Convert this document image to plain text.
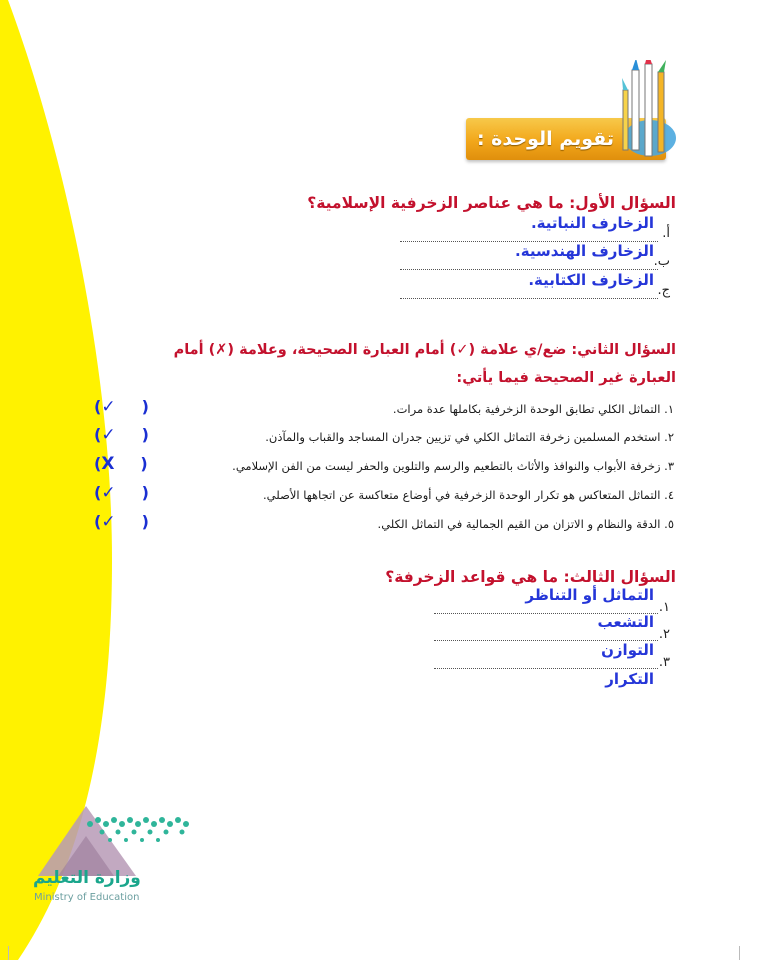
تقويم الوحدة :
السؤال الأول: ما هي عناصر الزخرفية الإسلامية؟
أ.
الزخارف النباتية.
ب.
الزخارف الهندسية.
ج.
الزخارف الكتابية.
السؤال الثاني: ضع/ي علامة (✓) أمام العبارة الصحيحة، وعلامة (✗) أمام
العبارة غير الصحيحة فيما يأتي:
١. التماثل الكلي تطابق الوحدة الزخرفية بكاملها عدة مرات.
(✓ )
٢. استخدم المسلمين زخرفة التماثل الكلي في تزيين جدران المساجد والقباب والمآذن.
(✓ )
٣. زخرفة الأبواب والنوافذ والأثاث بالتطعيم والرسم والتلوين والحفر ليست من الفن الإسلامي.
(X )
٤. التماثل المتعاكس هو تكرار الوحدة الزخرفية في أوضاع متعاكسة عن اتجاهها الأصلي.
(✓ )
٥. الدقة والنظام و الاتزان من القيم الجمالية في التماثل الكلي.
(✓ )
السؤال الثالث: ما هي قواعد الزخرفة؟
١.
التماثل أو التناظر
٢.
التشعب
٣.
التوازن
التكرار
وزارة التعليم
Ministry of Education
